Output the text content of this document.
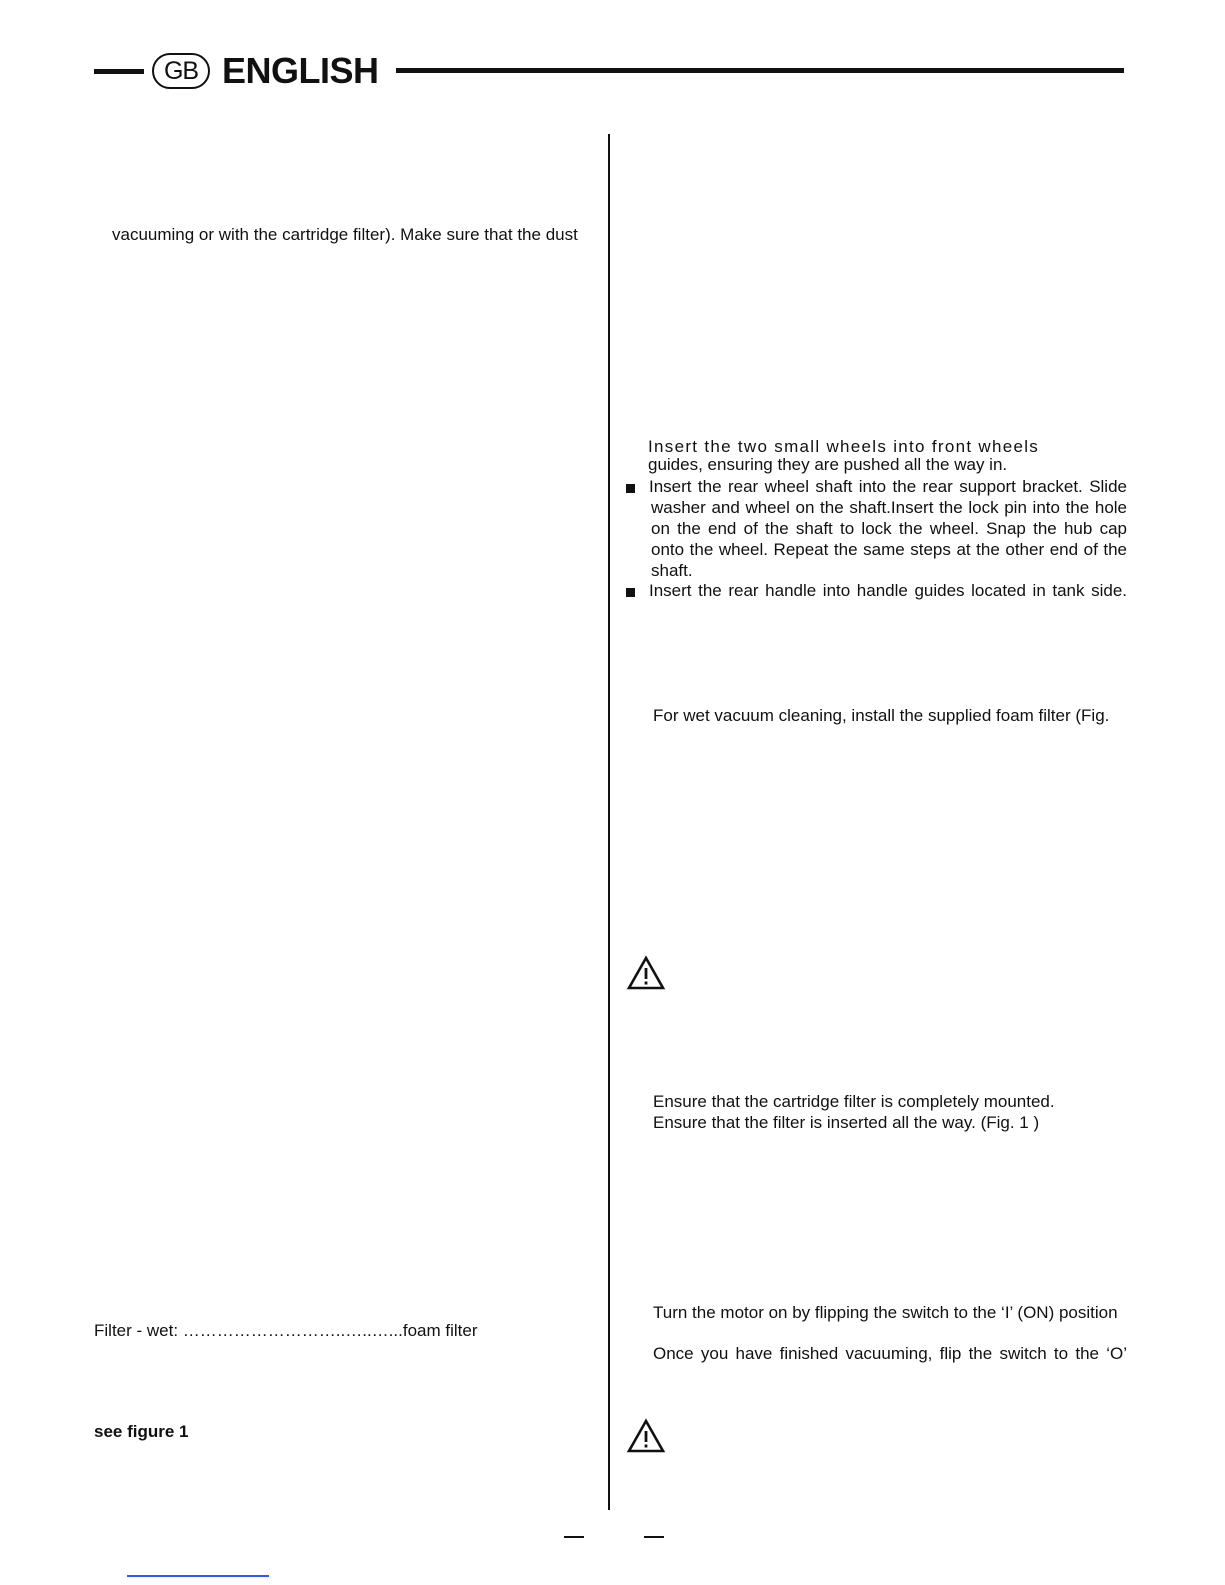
GB ENGLISH
vacuuming or with the cartridge filter). Make sure that the dust
Filter - wet: ………………………..…..…...foam filter
see figure 1
Insert the two small wheels into front wheels
guides, ensuring they are pushed all the way in.
Insert the rear wheel shaft into the rear support bracket. Slide
washer and wheel on the shaft.Insert the lock pin into the hole
on the end of the shaft to lock the wheel. Snap the hub cap
onto the wheel. Repeat the same steps at the other end of the
shaft.
Insert the rear handle into handle guides located in tank side.
For wet vacuum cleaning, install the supplied foam filter (Fig.
Ensure that the cartridge filter is completely mounted.
Ensure that the filter is inserted all the way. (Fig. 1 )
Turn the motor on by flipping the switch to the ‘I’ (ON) position
Once you have finished vacuuming, flip the switch to the ‘O’
